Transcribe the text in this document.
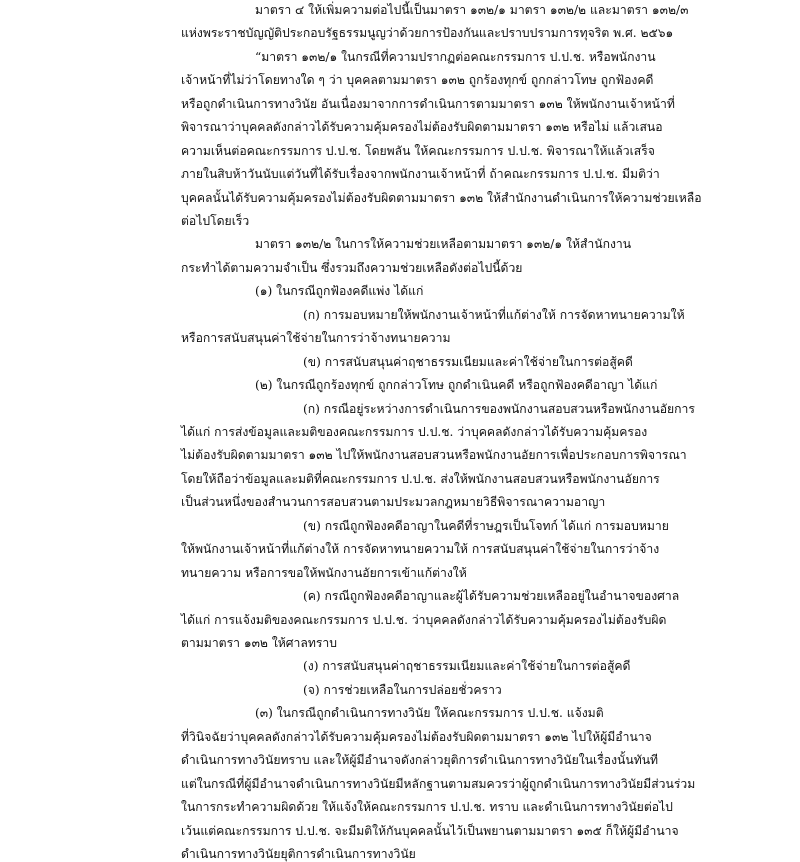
มาตรา ๔ ให้เพิ่มความต่อไปนี้เป็นมาตรา ๑๓๒/๑ มาตรา ๑๓๒/๒ และมาตรา ๑๓๒/๓
แห่งพระราชบัญญัติประกอบรัฐธรรมนูญว่าด้วยการป้องกันและปราบปรามการทุจริต พ.ศ. ๒๕๖๑
“มาตรา ๑๓๒/๑ ในกรณีที่ความปรากฏต่อคณะกรรมการ ป.ป.ช. หรือพนักงาน
เจ้าหน้าที่ไม่ว่าโดยทางใด ๆ ว่า บุคคลตามมาตรา ๑๓๒ ถูกร้องทุกข์ ถูกกล่าวโทษ ถูกฟ้องคดี
หรือถูกดำเนินการทางวินัย อันเนื่องมาจากการดำเนินการตามมาตรา ๑๓๒ ให้พนักงานเจ้าหน้าที่
พิจารณาว่าบุคคลดังกล่าวได้รับความคุ้มครองไม่ต้องรับผิดตามมาตรา ๑๓๒ หรือไม่ แล้วเสนอ
ความเห็นต่อคณะกรรมการ ป.ป.ช. โดยพลัน ให้คณะกรรมการ ป.ป.ช. พิจารณาให้แล้วเสร็จ
ภายในสิบห้าวันนับแต่วันที่ได้รับเรื่องจากพนักงานเจ้าหน้าที่ ถ้าคณะกรรมการ ป.ป.ช. มีมติว่า
บุคคลนั้นได้รับความคุ้มครองไม่ต้องรับผิดตามมาตรา ๑๓๒ ให้สำนักงานดำเนินการให้ความช่วยเหลือ
ต่อไปโดยเร็ว
มาตรา ๑๓๒/๒ ในการให้ความช่วยเหลือตามมาตรา ๑๓๒/๑ ให้สำนักงาน
กระทำได้ตามความจำเป็น ซึ่งรวมถึงความช่วยเหลือดังต่อไปนี้ด้วย
(๑) ในกรณีถูกฟ้องคดีแพ่ง ได้แก่
(ก) การมอบหมายให้พนักงานเจ้าหน้าที่แก้ต่างให้ การจัดหาทนายความให้
หรือการสนับสนุนค่าใช้จ่ายในการว่าจ้างทนายความ
(ข) การสนับสนุนค่าฤชาธรรมเนียมและค่าใช้จ่ายในการต่อสู้คดี
(๒) ในกรณีถูกร้องทุกข์ ถูกกล่าวโทษ ถูกดำเนินคดี หรือถูกฟ้องคดีอาญา ได้แก่
(ก) กรณีอยู่ระหว่างการดำเนินการของพนักงานสอบสวนหรือพนักงานอัยการ
ได้แก่ การส่งข้อมูลและมติของคณะกรรมการ ป.ป.ช. ว่าบุคคลดังกล่าวได้รับความคุ้มครอง
ไม่ต้องรับผิดตามมาตรา ๑๓๒ ไปให้พนักงานสอบสวนหรือพนักงานอัยการเพื่อประกอบการพิจารณา
โดยให้ถือว่าข้อมูลและมติที่คณะกรรมการ ป.ป.ช. ส่งให้พนักงานสอบสวนหรือพนักงานอัยการ
เป็นส่วนหนึ่งของสำนวนการสอบสวนตามประมวลกฎหมายวิธีพิจารณาความอาญา
(ข) กรณีถูกฟ้องคดีอาญาในคดีที่ราษฎรเป็นโจทก์ ได้แก่ การมอบหมาย
ให้พนักงานเจ้าหน้าที่แก้ต่างให้ การจัดหาทนายความให้ การสนับสนุนค่าใช้จ่ายในการว่าจ้าง
ทนายความ หรือการขอให้พนักงานอัยการเข้าแก้ต่างให้
(ค) กรณีถูกฟ้องคดีอาญาและผู้ได้รับความช่วยเหลืออยู่ในอำนาจของศาล
ได้แก่ การแจ้งมติของคณะกรรมการ ป.ป.ช. ว่าบุคคลดังกล่าวได้รับความคุ้มครองไม่ต้องรับผิด
ตามมาตรา ๑๓๒ ให้ศาลทราบ
(ง) การสนับสนุนค่าฤชาธรรมเนียมและค่าใช้จ่ายในการต่อสู้คดี
(จ) การช่วยเหลือในการปล่อยชั่วคราว
(๓) ในกรณีถูกดำเนินการทางวินัย ให้คณะกรรมการ ป.ป.ช. แจ้งมติ
ที่วินิจฉัยว่าบุคคลดังกล่าวได้รับความคุ้มครองไม่ต้องรับผิดตามมาตรา ๑๓๒ ไปให้ผู้มีอำนาจ
ดำเนินการทางวินัยทราบ และให้ผู้มีอำนาจดังกล่าวยุติการดำเนินการทางวินัยในเรื่องนั้นทันที
แต่ในกรณีที่ผู้มีอำนาจดำเนินการทางวินัยมีหลักฐานตามสมควรว่าผู้ถูกดำเนินการทางวินัยมีส่วนร่วม
ในการกระทำความผิดด้วย ให้แจ้งให้คณะกรรมการ ป.ป.ช. ทราบ และดำเนินการทางวินัยต่อไป
เว้นแต่คณะกรรมการ ป.ป.ช. จะมีมติให้กันบุคคลนั้นไว้เป็นพยานตามมาตรา ๑๓๕ ก็ให้ผู้มีอำนาจ
ดำเนินการทางวินัยยุติการดำเนินการทางวินัย
